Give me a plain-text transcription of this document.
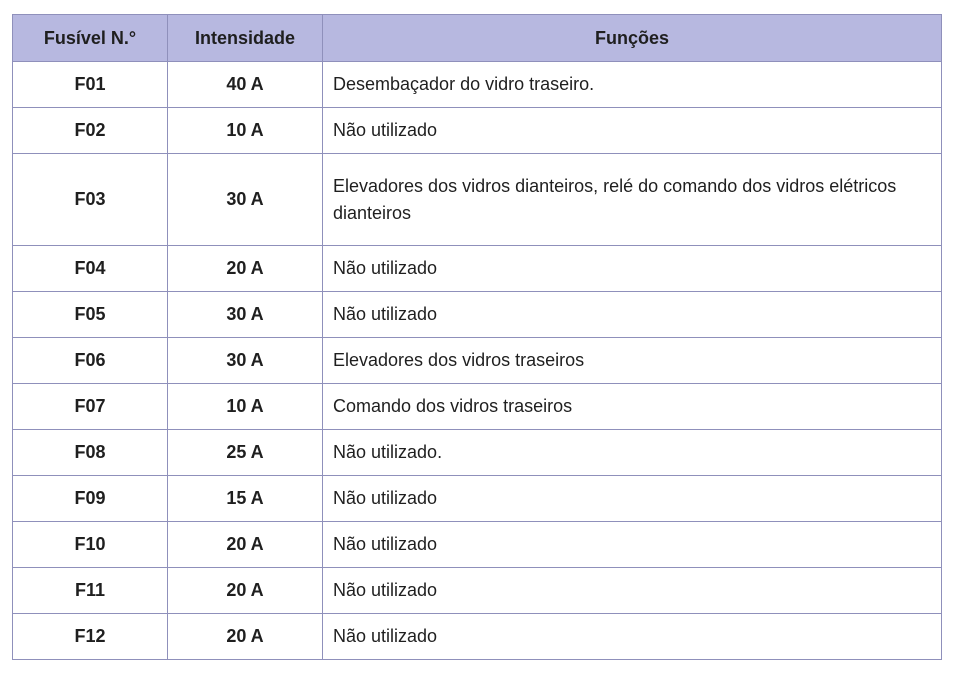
Fusível N.°	Intensidade	Funções
F01	40 A	Desembaçador do vidro traseiro.
F02	10 A	Não utilizado
F03	30 A	Elevadores dos vidros dianteiros, relé do comando dos vidros elétricos dianteiros
F04	20 A	Não utilizado
F05	30 A	Não utilizado
F06	30 A	Elevadores dos vidros traseiros
F07	10 A	Comando dos vidros traseiros
F08	25 A	Não utilizado.
F09	15 A	Não utilizado
F10	20 A	Não utilizado
F11	20 A	Não utilizado
F12	20 A	Não utilizado
